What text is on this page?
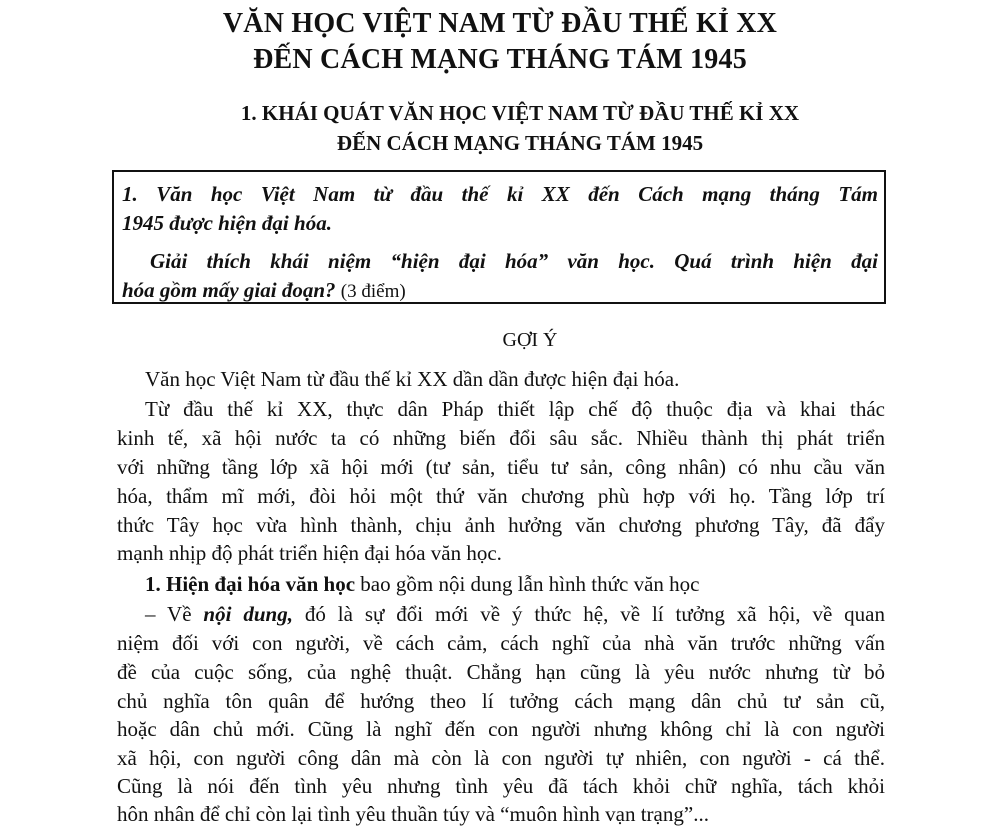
VĂN HỌC VIỆT NAM TỪ ĐẦU THẾ KỈ XX
ĐẾN CÁCH MẠNG THÁNG TÁM 1945
1. KHÁI QUÁT VĂN HỌC VIỆT NAM TỪ ĐẦU THẾ KỈ XX
ĐẾN CÁCH MẠNG THÁNG TÁM 1945
1. Văn học Việt Nam từ đầu thế kỉ XX đến Cách mạng tháng Tám
1945 được hiện đại hóa.
Giải thích khái niệm “hiện đại hóa” văn học. Quá trình hiện đại
hóa gồm mấy giai đoạn? (3 điểm)
GỢI Ý
Văn học Việt Nam từ đầu thế kỉ XX dần dần được hiện đại hóa.
Từ đầu thế kỉ XX, thực dân Pháp thiết lập chế độ thuộc địa và khai thác
kinh tế, xã hội nước ta có những biến đổi sâu sắc. Nhiều thành thị phát triển
với những tầng lớp xã hội mới (tư sản, tiểu tư sản, công nhân) có nhu cầu văn
hóa, thẩm mĩ mới, đòi hỏi một thứ văn chương phù hợp với họ. Tầng lớp trí
thức Tây học vừa hình thành, chịu ảnh hưởng văn chương phương Tây, đã đẩy
mạnh nhịp độ phát triển hiện đại hóa văn học.
1. Hiện đại hóa văn học bao gồm nội dung lẫn hình thức văn học
– Về nội dung, đó là sự đổi mới về ý thức hệ, về lí tưởng xã hội, về quan
niệm đối với con người, về cách cảm, cách nghĩ của nhà văn trước những vấn
đề của cuộc sống, của nghệ thuật. Chẳng hạn cũng là yêu nước nhưng từ bỏ
chủ nghĩa tôn quân để hướng theo lí tưởng cách mạng dân chủ tư sản cũ,
hoặc dân chủ mới. Cũng là nghĩ đến con người nhưng không chỉ là con người
xã hội, con người công dân mà còn là con người tự nhiên, con người - cá thể.
Cũng là nói đến tình yêu nhưng tình yêu đã tách khỏi chữ nghĩa, tách khỏi
hôn nhân để chỉ còn lại tình yêu thuần túy và “muôn hình vạn trạng”...
